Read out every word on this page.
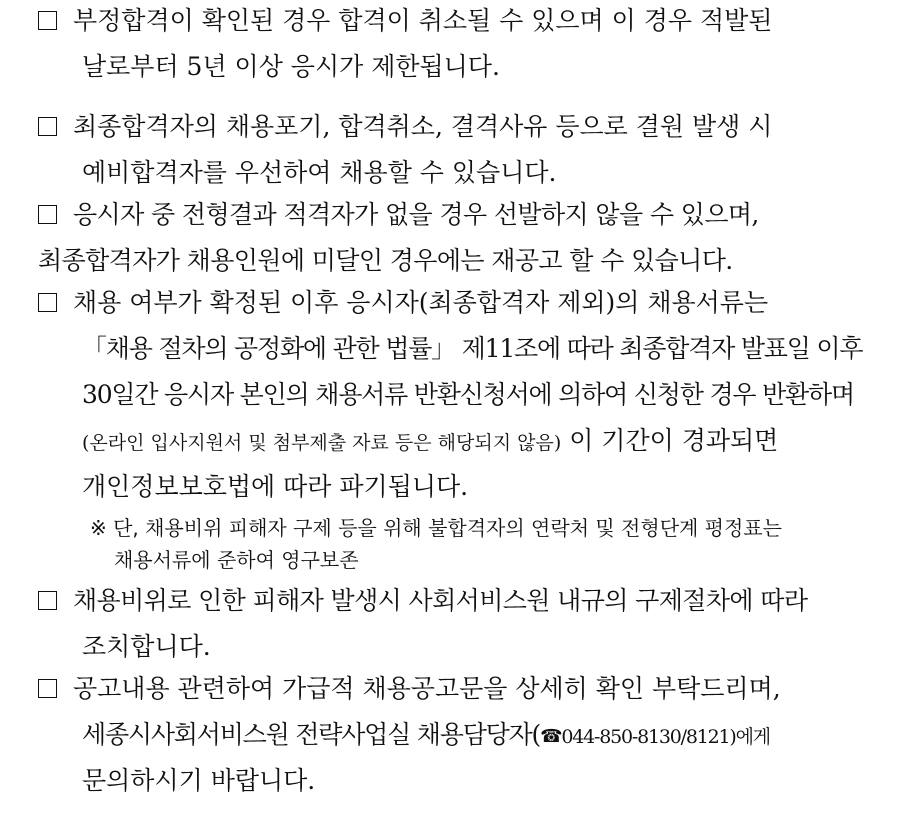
부정합격이 확인된 경우 합격이 취소될 수 있으며 이 경우 적발된
날로부터 5년 이상 응시가 제한됩니다.
최종합격자의 채용포기, 합격취소, 결격사유 등으로 결원 발생 시
예비합격자를 우선하여 채용할 수 있습니다.
응시자 중 전형결과 적격자가 없을 경우 선발하지 않을 수 있으며,
최종합격자가 채용인원에 미달인 경우에는 재공고 할 수 있습니다.
채용 여부가 확정된 이후 응시자(최종합격자 제외)의 채용서류는
「채용 절차의 공정화에 관한 법률」 제11조에 따라 최종합격자 발표일 이후
30일간 응시자 본인의 채용서류 반환신청서에 의하여 신청한 경우 반환하며
(온라인 입사지원서 및 첨부제출 자료 등은 해당되지 않음) 이 기간이 경과되면
개인정보보호법에 따라 파기됩니다.
※ 단, 채용비위 피해자 구제 등을 위해 불합격자의 연락처 및 전형단계 평정표는
채용서류에 준하여 영구보존
채용비위로 인한 피해자 발생시 사회서비스원 내규의 구제절차에 따라
조치합니다.
공고내용 관련하여 가급적 채용공고문을 상세히 확인 부탁드리며,
세종시사회서비스원 전략사업실 채용담당자(☎044-850-8130/8121)에게
문의하시기 바랍니다.
